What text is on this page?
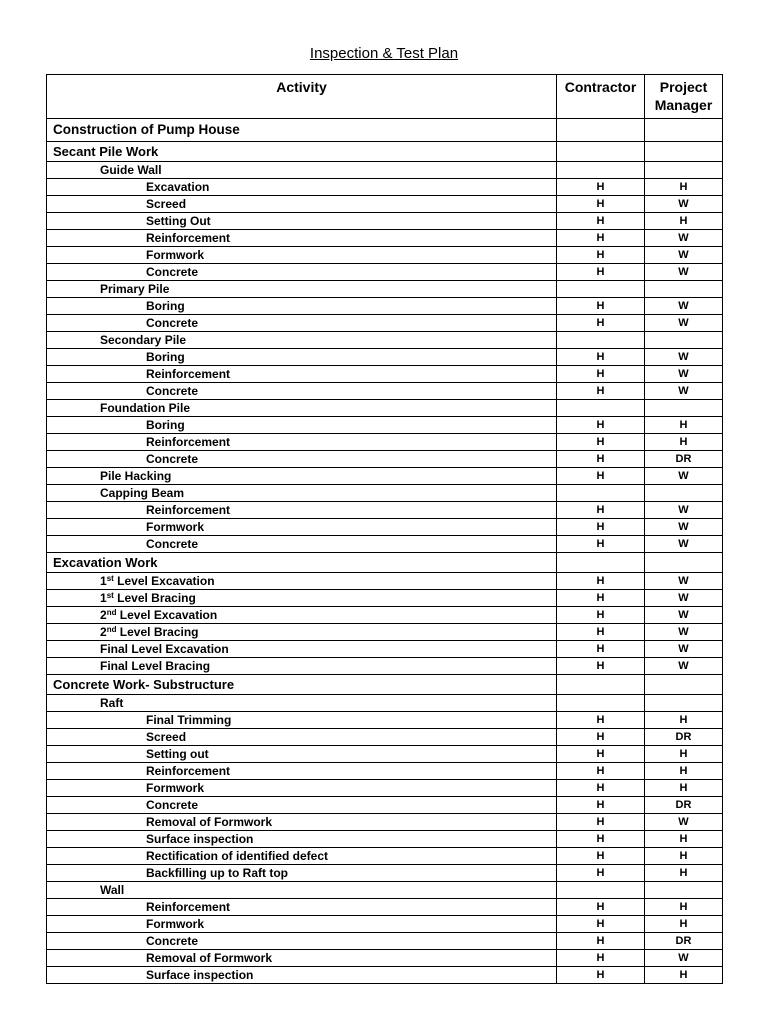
Inspection & Test Plan
Activity	Contractor	Project Manager
Construction of Pump House		
Secant Pile Work		
Guide Wall		
Excavation	H	H
Screed	H	W
Setting Out	H	H
Reinforcement	H	W
Formwork	H	W
Concrete	H	W
Primary Pile		
Boring	H	W
Concrete	H	W
Secondary Pile		
Boring	H	W
Reinforcement	H	W
Concrete	H	W
Foundation Pile		
Boring	H	H
Reinforcement	H	H
Concrete	H	DR
Pile Hacking	H	W
Capping Beam		
Reinforcement	H	W
Formwork	H	W
Concrete	H	W
Excavation Work		
1st Level Excavation	H	W
1st Level Bracing	H	W
2nd Level Excavation	H	W
2nd Level Bracing	H	W
Final Level Excavation	H	W
Final Level Bracing	H	W
Concrete Work- Substructure		
Raft		
Final Trimming	H	H
Screed	H	DR
Setting out	H	H
Reinforcement	H	H
Formwork	H	H
Concrete	H	DR
Removal of Formwork	H	W
Surface inspection	H	H
Rectification of identified defect	H	H
Backfilling up to Raft top	H	H
Wall		
Reinforcement	H	H
Formwork	H	H
Concrete	H	DR
Removal of Formwork	H	W
Surface inspection	H	H
